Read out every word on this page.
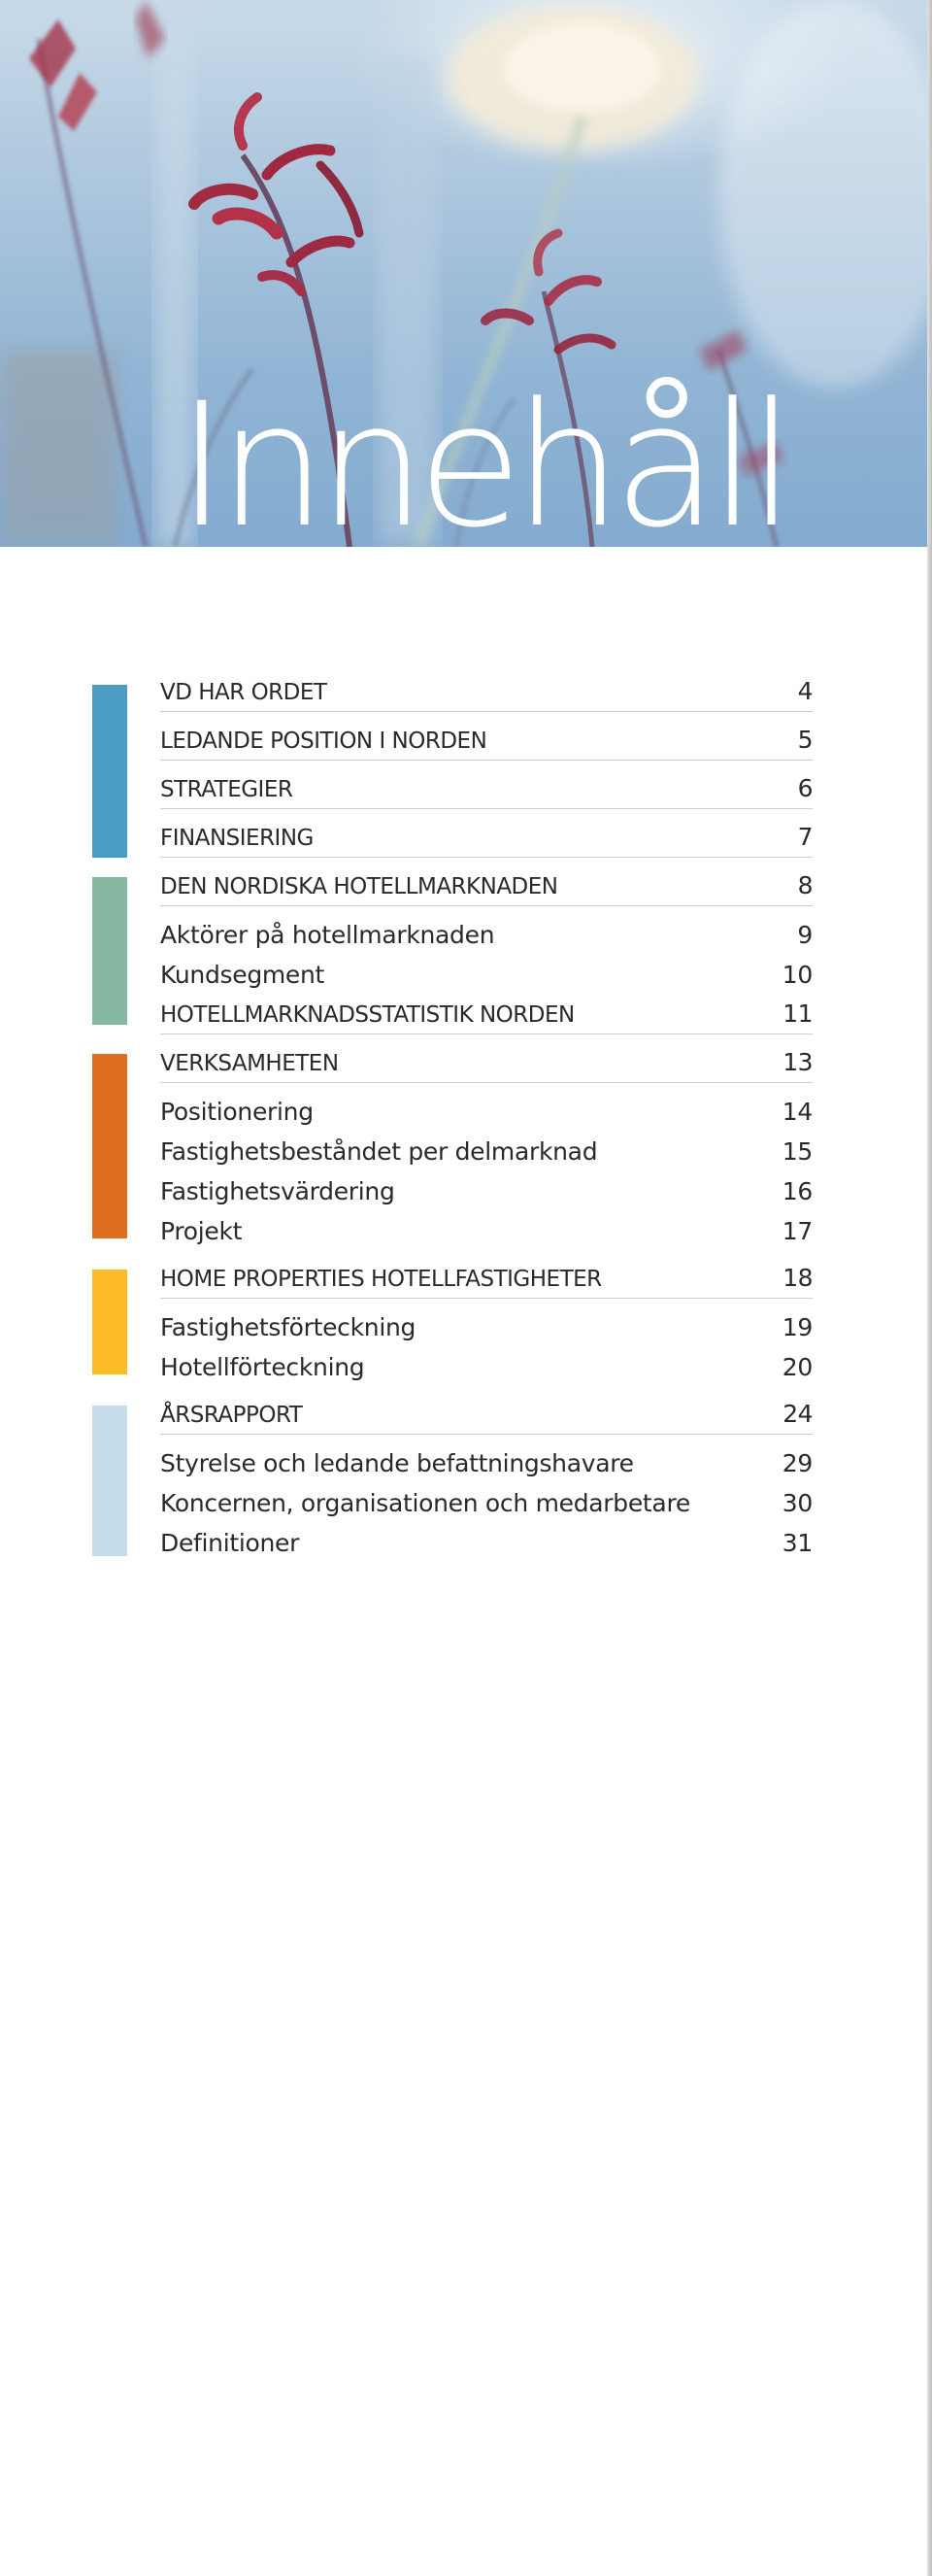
Innehåll
VD HAR ORDET	4
LEDANDE POSITION I NORDEN	5
STRATEGIER	6
FINANSIERING	7
DEN NORDISKA HOTELLMARKNADEN	8
Aktörer på hotellmarknaden	9
Kundsegment	10
HOTELLMARKNADSSTATISTIK NORDEN	11
VERKSAMHETEN	13
Positionering	14
Fastighetsbeståndet per delmarknad	15
Fastighetsvärdering	16
Projekt	17
HOME PROPERTIES HOTELLFASTIGHETER	18
Fastighetsförteckning	19
Hotellförteckning	20
ÅRSRAPPORT	24
Styrelse och ledande befattningshavare	29
Koncernen, organisationen och medarbetare	30
Definitioner	31
